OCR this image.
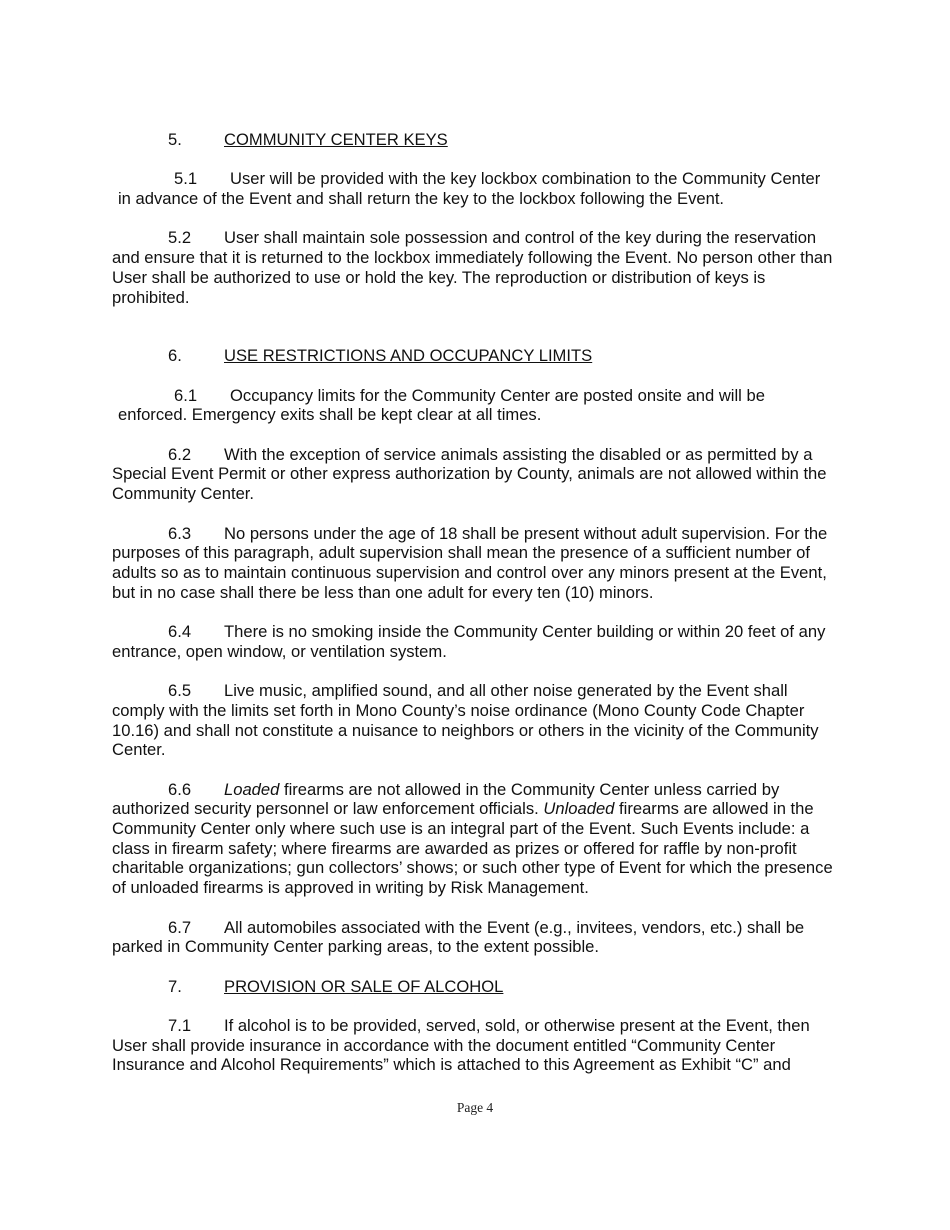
5.	COMMUNITY CENTER KEYS

5.1 User will be provided with the key lockbox combination to the Community Center in advance of the Event and shall return the key to the lockbox following the Event.

5.2 User shall maintain sole possession and control of the key during the reservation and ensure that it is returned to the lockbox immediately following the Event. No person other than User shall be authorized to use or hold the key. The reproduction or distribution of keys is prohibited.

6.	USE RESTRICTIONS AND OCCUPANCY LIMITS

6.1 Occupancy limits for the Community Center are posted onsite and will be enforced. Emergency exits shall be kept clear at all times.

6.2 With the exception of service animals assisting the disabled or as permitted by a Special Event Permit or other express authorization by County, animals are not allowed within the Community Center.

6.3 No persons under the age of 18 shall be present without adult supervision. For the purposes of this paragraph, adult supervision shall mean the presence of a sufficient number of adults so as to maintain continuous supervision and control over any minors present at the Event, but in no case shall there be less than one adult for every ten (10) minors.

6.4 There is no smoking inside the Community Center building or within 20 feet of any entrance, open window, or ventilation system.

6.5 Live music, amplified sound, and all other noise generated by the Event shall comply with the limits set forth in Mono County’s noise ordinance (Mono County Code Chapter 10.16) and shall not constitute a nuisance to neighbors or others in the vicinity of the Community Center.

6.6 Loaded firearms are not allowed in the Community Center unless carried by authorized security personnel or law enforcement officials. Unloaded firearms are allowed in the Community Center only where such use is an integral part of the Event. Such Events include: a class in firearm safety; where firearms are awarded as prizes or offered for raffle by non-profit charitable organizations; gun collectors’ shows; or such other type of Event for which the presence of unloaded firearms is approved in writing by Risk Management.

6.7 All automobiles associated with the Event (e.g., invitees, vendors, etc.) shall be parked in Community Center parking areas, to the extent possible.

7.	PROVISION OR SALE OF ALCOHOL

7.1 If alcohol is to be provided, served, sold, or otherwise present at the Event, then User shall provide insurance in accordance with the document entitled “Community Center Insurance and Alcohol Requirements” which is attached to this Agreement as Exhibit “C” and

Page 4
